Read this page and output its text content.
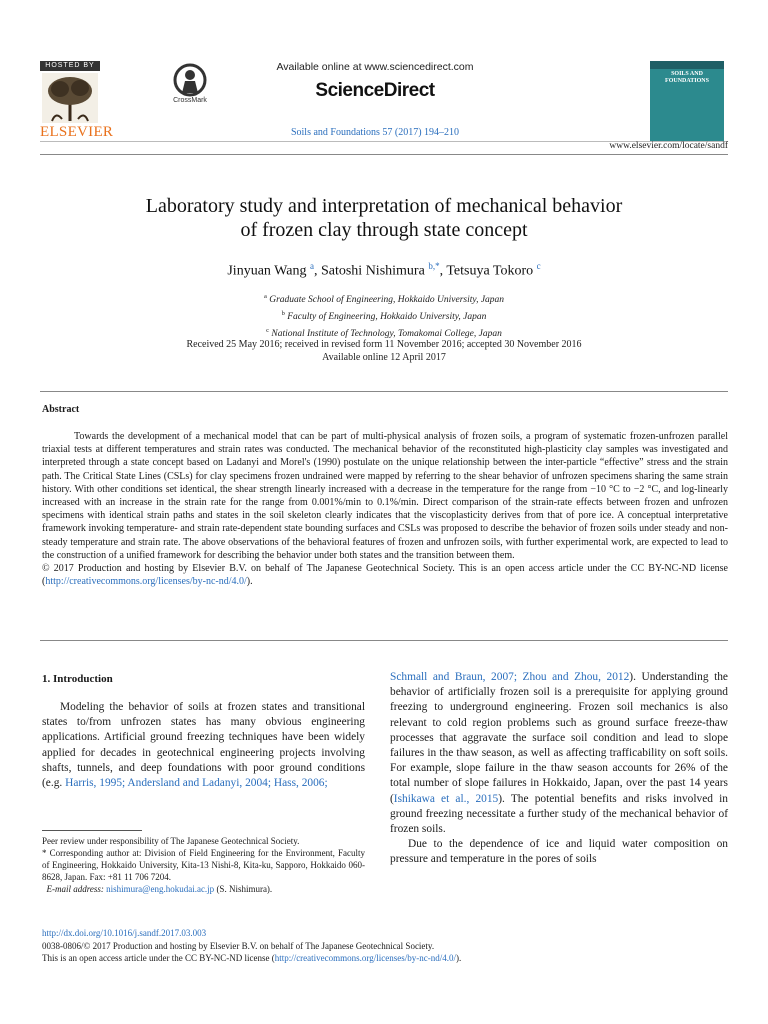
HOSTED BY
ELSEVIER
CrossMark
Available online at www.sciencedirect.com
ScienceDirect
Soils and Foundations 57 (2017) 194–210
SOILS AND FOUNDATIONS
www.elsevier.com/locate/sandf
Laboratory study and interpretation of mechanical behavior
of frozen clay through state concept
Jinyuan Wang $^a$, Satoshi Nishimura $^{b,*}$, Tetsuya Tokoro $^c$
$^a$ Graduate School of Engineering, Hokkaido University, Japan
$^b$ Faculty of Engineering, Hokkaido University, Japan
$^c$ National Institute of Technology, Tomakomai College, Japan
Received 25 May 2016; received in revised form 11 November 2016; accepted 30 November 2016
Available online 12 April 2017
Abstract

Towards the development of a mechanical model that can be part of multi-physical analysis of frozen soils, a program of systematic frozen-unfrozen parallel triaxial tests at different temperatures and strain rates was conducted. The mechanical behavior of the reconstituted high-plasticity clay samples was investigated and interpreted through a state concept based on Ladanyi and Morel's (1990) postulate on the unique relationship between the inter-particle “effective” stress and the strain path. The Critical State Lines (CSLs) for clay specimens frozen undrained were mapped by referring to the shear behavior of unfrozen specimens sharing the same strain history. With other conditions set identical, the shear strength linearly increased with a decrease in the temperature for the range from −10 °C to −2 °C, and log-linearly increased with an increase in the strain rate for the range from 0.001%/min to 0.1%/min. Direct comparison of the strain-rate effects between frozen and unfrozen specimens with identical strain paths and states in the soil skeleton clearly indicates that the viscoplasticity derives from that of pore ice. A conceptual interpretative framework invoking temperature- and strain rate-dependent state bounding surfaces and CSLs was proposed to describe the behavior of frozen soils under steady and non-steady temperature and strain rate. The above observations of the behavioral features of frozen and unfrozen soils, with further experimental work, are expected to lead to the construction of a unified framework for describing the behavior under both states and the transition between them.

© 2017 Production and hosting by Elsevier B.V. on behalf of The Japanese Geotechnical Society. This is an open access article under the CC BY-NC-ND license (http://creativecommons.org/licenses/by-nc-nd/4.0/).

1. Introduction

Modeling the behavior of soils at frozen states and transitional states to/from unfrozen states has many obvious engineering applications. Artificial ground freezing techniques have been widely applied for decades in geotechnical engineering projects involving shafts, tunnels, and deep foundations with poor ground conditions (e.g. Harris, 1995; Andersland and Ladanyi, 2004; Hass, 2006;

Schmall and Braun, 2007; Zhou and Zhou, 2012). Understanding the behavior of artificially frozen soil is a prerequisite for applying ground freezing to underground engineering. Frozen soil mechanics is also relevant to cold region problems such as ground surface freeze-thaw processes that aggravate the surface soil condition and lead to slope failures in the thaw season, as well as affecting trafficability on soft soils. For example, slope failure in the thaw season accounts for 26% of the total number of slope failures in Hokkaido, Japan, over the past 14 years (Ishikawa et al., 2015). The potential benefits and risks involved in ground freezing necessitate a further study of the mechanical behavior of frozen soils.

Due to the dependence of ice and liquid water composition on pressure and temperature in the pores of soils

Peer review under responsibility of The Japanese Geotechnical Society.

* Corresponding author at: Division of Field Engineering for the Environment, Faculty of Engineering, Hokkaido University, Kita-13 Nishi-8, Kita-ku, Sapporo, Hokkaido 060-8628, Japan. Fax: +81 11 706 7204.

E-mail address: nishimura@eng.hokudai.ac.jp (S. Nishimura).

http://dx.doi.org/10.1016/j.sandf.2017.03.003
0038-0806/© 2017 Production and hosting by Elsevier B.V. on behalf of The Japanese Geotechnical Society.
This is an open access article under the CC BY-NC-ND license (http://creativecommons.org/licenses/by-nc-nd/4.0/).
